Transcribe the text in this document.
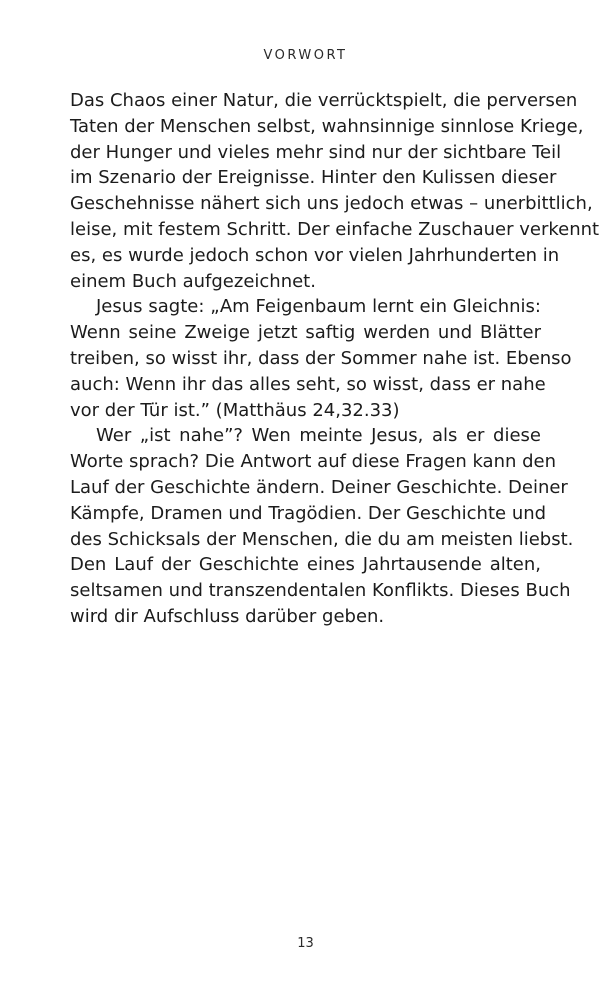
VORWORT
Das Chaos einer Natur, die verrücktspielt, die perversen
Taten der Menschen selbst, wahnsinnige sinnlose Kriege,
der Hunger und vieles mehr sind nur der sichtbare Teil
im Szenario der Ereignisse. Hinter den Kulissen dieser
Geschehnisse nähert sich uns jedoch etwas – unerbittlich,
leise, mit festem Schritt. Der einfache Zuschauer verkennt
es, es wurde jedoch schon vor vielen Jahrhunderten in
einem Buch aufgezeichnet.
Jesus sagte: „Am Feigenbaum lernt ein Gleichnis:
Wenn seine Zweige jetzt saftig werden und Blätter
treiben, so wisst ihr, dass der Sommer nahe ist. Ebenso
auch: Wenn ihr das alles seht, so wisst, dass er nahe
vor der Tür ist.” (Matthäus 24,32.33)
Wer „ist nahe”? Wen meinte Jesus, als er diese
Worte sprach? Die Antwort auf diese Fragen kann den
Lauf der Geschichte ändern. Deiner Geschichte. Deiner
Kämpfe, Dramen und Tragödien. Der Geschichte und
des Schicksals der Menschen, die du am meisten liebst.
Den Lauf der Geschichte eines Jahrtausende alten,
seltsamen und transzendentalen Konflikts. Dieses Buch
wird dir Aufschluss darüber geben.
13
